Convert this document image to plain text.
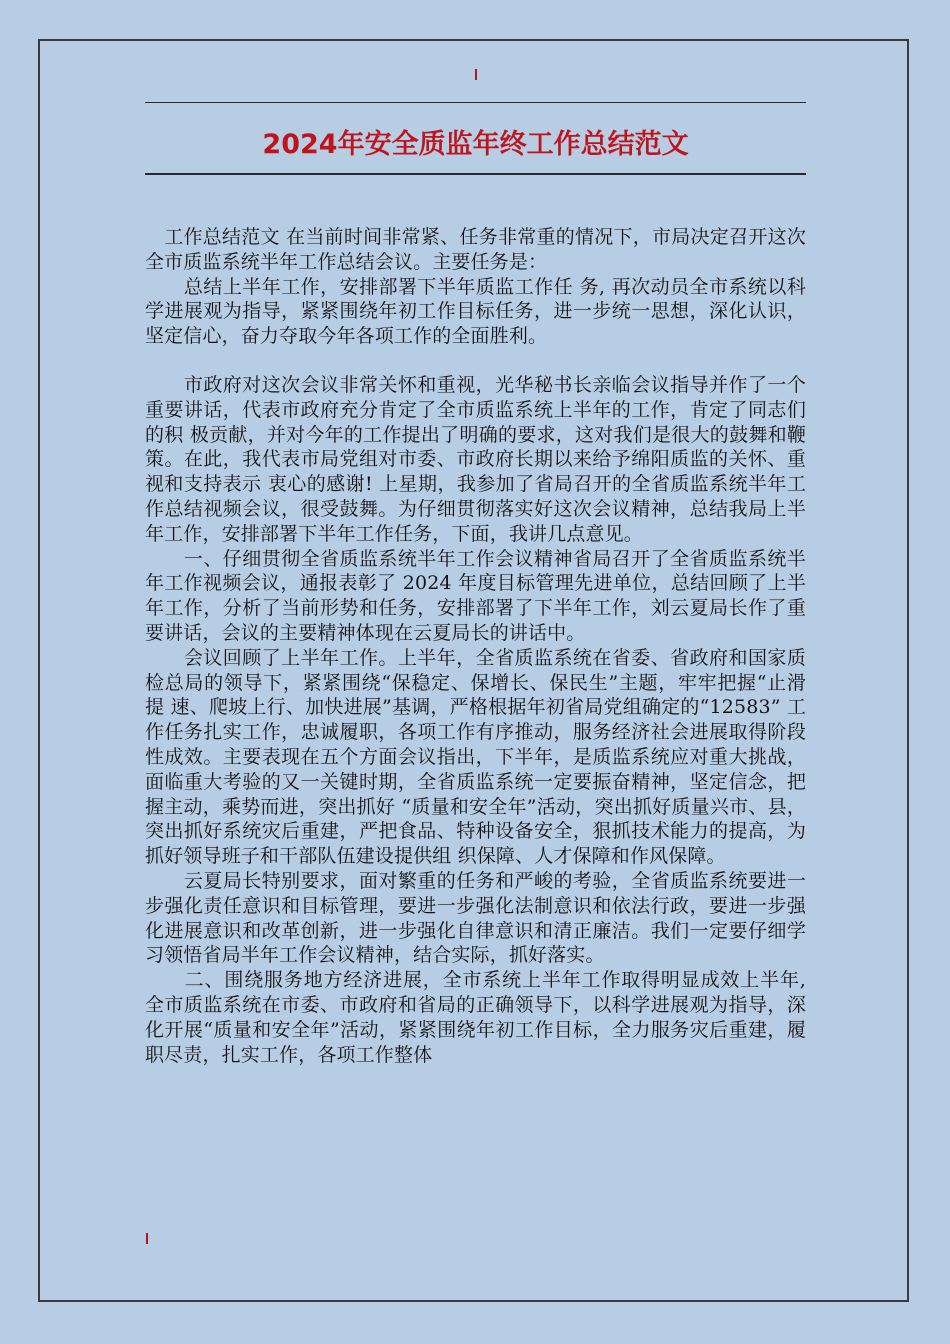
2024年安全质监年终工作总结范文

　工作总结范文 在当前时间非常紧、任务非常重的情况下，市局决定召开这次全市质监系统半年工作总结会议。主要任务是：

　　总结上半年工作，安排部署下半年质监工作任 务, 再次动员全市系统以科学进展观为指导，紧紧围绕年初工作目标任务，进一步统一思想，深化认识，坚定信心，奋力夺取今年各项工作的全面胜利。

　　市政府对这次会议非常关怀和重视，光华秘书长亲临会议指导并作了一个重要讲话，代表市政府充分肯定了全市质监系统上半年的工作，肯定了同志们的积 极贡献，并对今年的工作提出了明确的要求，这对我们是很大的鼓舞和鞭策。在此，我代表市局党组对市委、市政府长期以来给予绵阳质监的关怀、重视和支持表示 衷心的感谢! 上星期，我参加了省局召开的全省质监系统半年工作总结视频会议，很受鼓舞。为仔细贯彻落实好这次会议精神，总结我局上半年工作，安排部署下半年工作任务，下面，我讲几点意见。

　　一、仔细贯彻全省质监系统半年工作会议精神省局召开了全省质监系统半年工作视频会议，通报表彰了 2024 年度目标管理先进单位，总结回顾了上半年工作，分析了当前形势和任务，安排部署了下半年工作，刘云夏局长作了重要讲话，会议的主要精神体现在云夏局长的讲话中。

　　会议回顾了上半年工作。上半年，全省质监系统在省委、省政府和国家质检总局的领导下，紧紧围绕“保稳定、保增长、保民生”主题，牢牢把握“止滑提 速、爬坡上行、加快进展”基调，严格根据年初省局党组确定的“12583” 工作任务扎实工作，忠诚履职，各项工作有序推动，服务经济社会进展取得阶段性成效。主要表现在五个方面会议指出，下半年，是质监系统应对重大挑战，面临重大考验的又一关键时期，全省质监系统一定要振奋精神，坚定信念，把握主动，乘势而进，突出抓好 “质量和安全年”活动，突出抓好质量兴市、县，突出抓好系统灾后重建，严把食品、特种设备安全，狠抓技术能力的提高，为抓好领导班子和干部队伍建设提供组 织保障、人才保障和作风保障。

　　云夏局长特别要求，面对繁重的任务和严峻的考验，全省质监系统要进一步强化责任意识和目标管理，要进一步强化法制意识和依法行政，要进一步强化进展意识和改革创新，进一步强化自律意识和清正廉洁。我们一定要仔细学习领悟省局半年工作会议精神，结合实际，抓好落实。

　　二、围绕服务地方经济进展，全市系统上半年工作取得明显成效上半年, 全市质监系统在市委、市政府和省局的正确领导下，以科学进展观为指导，深化开展“质量和安全年”活动，紧紧围绕年初工作目标，全力服务灾后重建，履职尽责，扎实工作，各项工作整体
